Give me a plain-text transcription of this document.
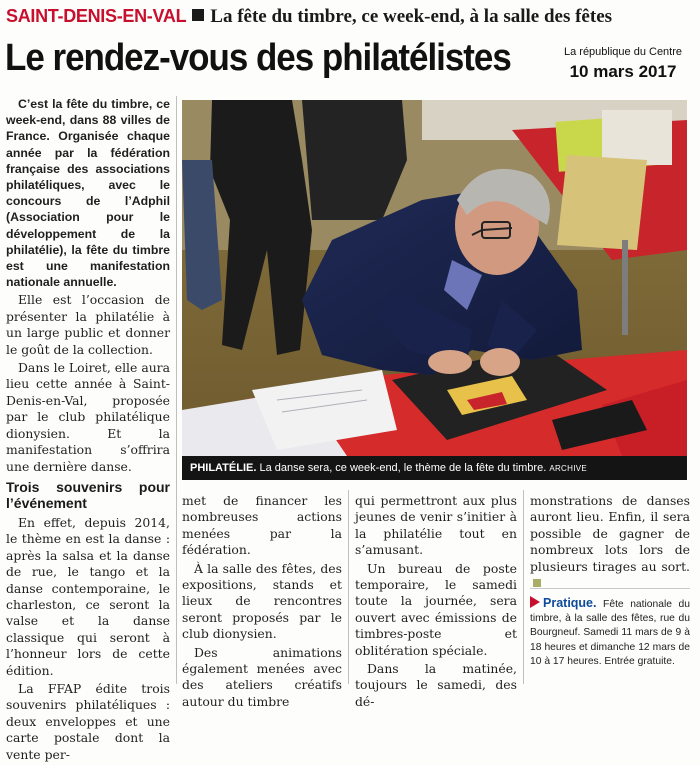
SAINT-DENIS-EN-VAL La fête du timbre, ce week-end, à la salle des fêtes
Le rendez-vous des philatélistes	La république du Centre
10 mars 2017

C’est la fête du timbre, ce week-end, dans 88 villes de France. Organisée chaque année par la fédération française des associations philatéliques, avec le concours de l’Adphil (Association pour le développement de la philatélie), la fête du timbre est une manifestation nationale annuelle.

Elle est l’occasion de présenter la philatélie à un large public et donner le goût de la collection.

Dans le Loiret, elle aura lieu cette année à Saint-Denis-en-Val, proposée par le club philatélique dionysien. Et la manifestation s’offrira une dernière danse.

Trois souvenirs pour l’événement

En effet, depuis 2014, le thème en est la danse : après la salsa et la danse de rue, le tango et la danse contemporaine, le charleston, ce seront la valse et la danse classique qui seront à l’honneur lors de cette édition.

La FFAP édite trois souvenirs philatéliques : deux enveloppes et une carte postale dont la vente per-

PHILATÉLIE. La danse sera, ce week-end, le thème de la fête du timbre. ARCHIVE

met de financer les nombreuses actions menées par la fédération.

À la salle des fêtes, des expositions, stands et lieux de rencontres seront proposés par le club dionysien.

Des animations également menées avec des ateliers créatifs autour du timbre

qui permettront aux plus jeunes de venir s’initier à la philatélie tout en s’amusant.

Un bureau de poste temporaire, le samedi toute la journée, sera ouvert avec émissions de timbres-poste et oblitération spéciale.

Dans la matinée, toujours le samedi, des dé-

monstrations de danses auront lieu. Enfin, il sera possible de gagner de nombreux lots lors de plusieurs tirages au sort.

Pratique. Fête nationale du timbre, à la salle des fêtes, rue du Bourgneuf. Samedi 11 mars de 9 à 18 heures et dimanche 12 mars de 10 à 17 heures. Entrée gratuite.
